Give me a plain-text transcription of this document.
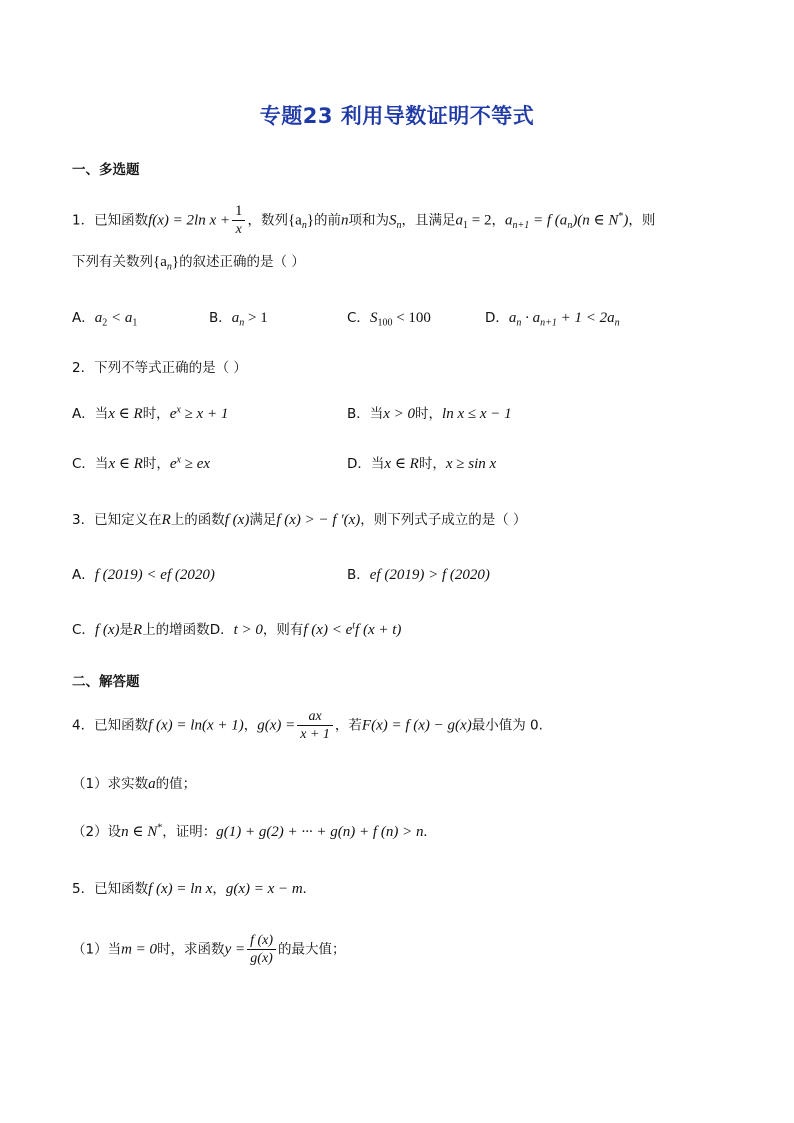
专题23 利用导数证明不等式
一、多选题
1．已知函数f(x) = 2ln $x + \frac{1}{x}$ ，数列$\{a_n\}$的前n项和为$S_n$，且满足$a_1 = 2$，$a_{n+1} = f$ $(a_n)(n$ ∈ N*)，则
下列有关数列$\{a_n\}$的叙述正确的是（ ）
A．$a_2 < a_1$	B．$a_n > 1$	C．$S_{100} < 100$	D．$a_n \cdot a_{n+1} + 1 < 2a_n$
2．下列不等式正确的是（ ）
A．当x ∈ R时，$e^x \ge x + 1$	B．当x > 0时，ln x ≤ x − 1
C．当x ∈ R时，$e^x$ ≥ ex	D．当x ∈ R时，x ≥ sin x
3．已知定义在R上的函数f (x)满足f (x) > − f ′(x)，则下列式子成立的是（ ）
A．f (2019) < ef (2020)	B．ef (2019) > f (2020)
C．f (x)是R上的增函数D．t > 0，则有f $(x) < e^tf$ (x + t)
二、解答题
4．已知函数f (x) = ln(x + 1)，$g(x) = \frac{ax}{x + 1}$ ，若F(x) = f (x) − g(x)最小值为 0.
（1）求实数a的值；
（2）设n ∈ N*，证明：g(1) + g(2) + ··· + g(n) + f (n) > n.
5．已知函数f (x) = ln x，g(x) = x − m.
（1）当m = 0时，求函数$y = \frac{f (x)}{g(x)}$ 的最大值；
